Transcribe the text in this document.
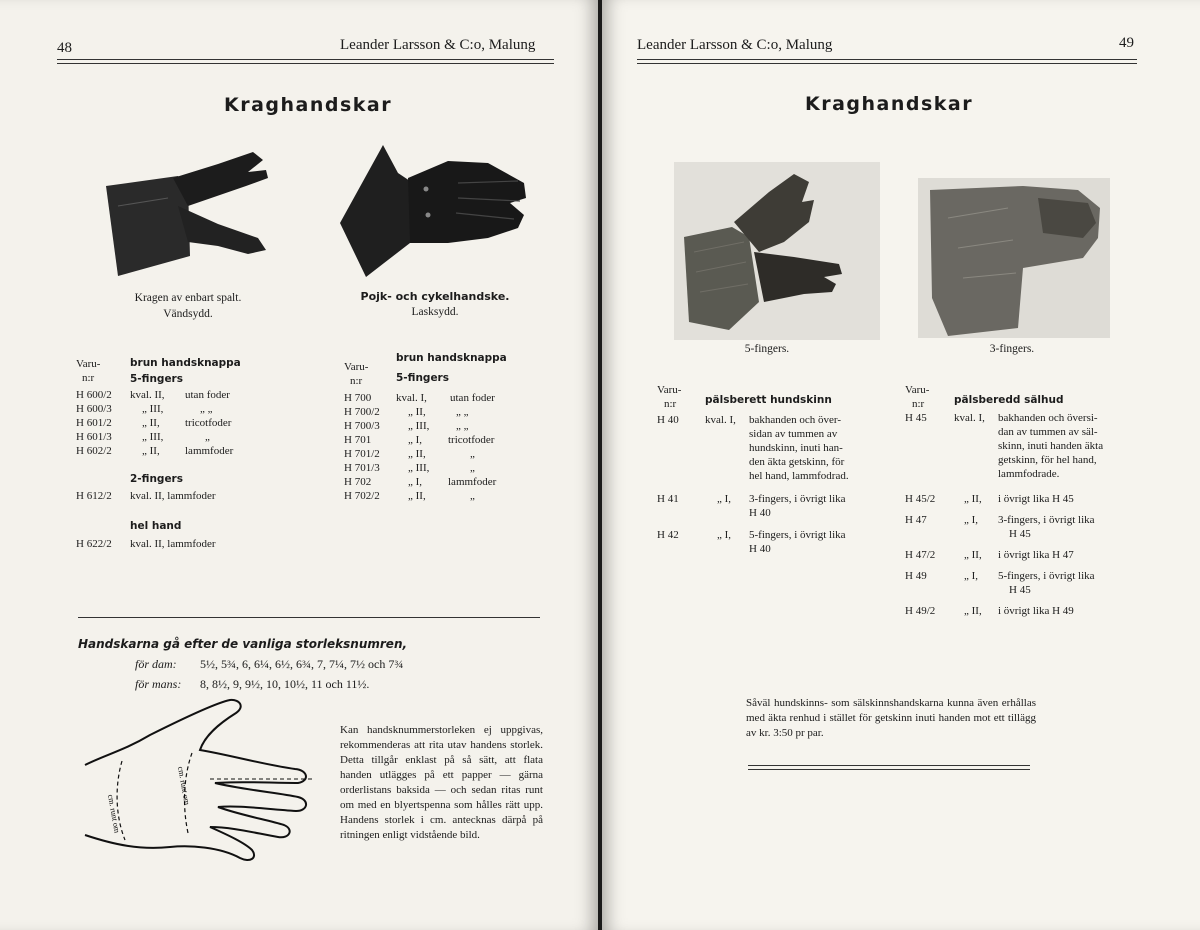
48	Leander Larsson & C:o, Malung
Kraghandskar
Kragen av enbart spalt.
Vändsydd.
Pojk- och cykelhandske.
Lasksydd.
Varu-
n:r
brun handsknappa
5-fingers
H 600/2 kval. II, utan foder
H 600/3	„ III,	„ „
H 601/2	„ II, tricotfoder
H 601/3	„ III,	„
H 602/2	„ II, lammfoder
2-fingers
H 612/2 kval. II, lammfoder
hel hand
H 622/2 kval. II, lammfoder
Varu-
n:r
brun handsknappa
5-fingers
H 700 kval. I, utan foder
H 700/2	„ II,	„ „
H 700/3	„ III, „ „
H 701	„ I, tricotfoder
H 701/2	„ II,	„
H 701/3	„ III,	„
H 702	„ I, lammfoder
H 702/2	„ II,	„
Handskarna gå efter de vanliga storleksnumren,
för dam: 5½, 5¾, 6, 6¼, 6½, 6¾, 7, 7¼, 7½ och 7¾
för mans: 8, 8½, 9, 9½, 10, 10½, 11 och 11½.
cm. runt om
cm. runt om
Kan handsknummerstorleken ej uppgivas, rekommenderas att rita utav handens storlek. Detta tillgår enklast på så sätt, att flata handen utlägges på ett papper — gärna orderlistans baksida — och sedan ritas runt om med en blyertspenna som hålles rätt upp. Handens storlek i cm. antecknas därpå på ritningen enligt vidstående bild.
Leander Larsson & C:o, Malung	49
Kraghandskar
5-fingers.	3-fingers.
Varu-
n:r	pälsberett hundskinn
H 40 kval. I, bakhanden och över-
sidan av tummen av
hundskinn, inuti han-
den äkta getskinn, för
hel hand, lammfodrad.
H 41	„ I, 3-fingers, i övrigt lika
H 40
H 42	„ I, 5-fingers, i övrigt lika
H 40
Varu-
n:r	pälsberedd sälhud
H 45 kval. I, bakhanden och översi-
dan av tummen av säl-
skinn, inuti handen äkta
getskinn, för hel hand,
lammfodrade.
H 45/2	„ II, i övrigt lika H 45
H 47	„ I, 3-fingers, i övrigt lika
H 45
H 47/2	„ II, i övrigt lika H 47
H 49	„ I, 5-fingers, i övrigt lika
H 45
H 49/2	„ II, i övrigt lika H 49
Såväl hundskinns- som sälskinnshandskarna kunna även erhållas med äkta renhud i stället för getskinn inuti handen mot ett tillägg av kr. 3:50 pr par.
